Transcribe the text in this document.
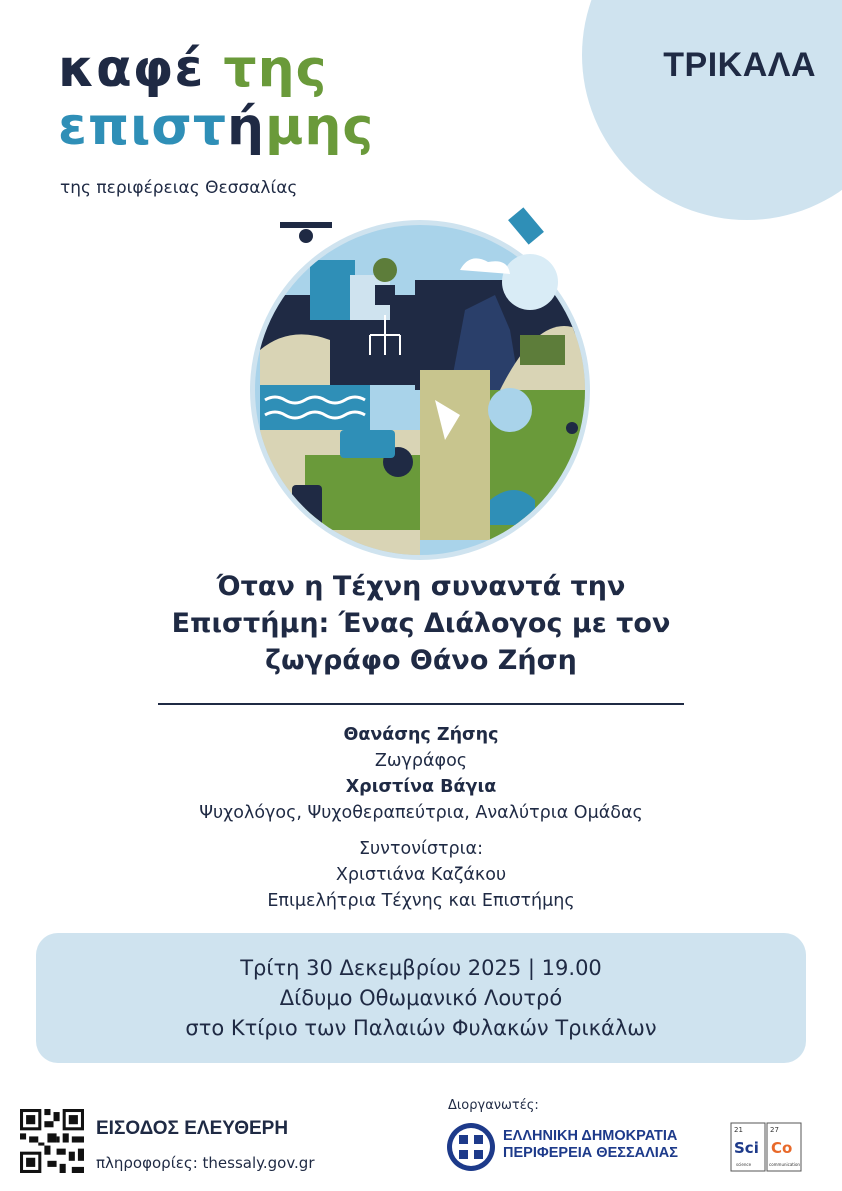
ΤΡΙΚΑΛΑ
καφέ της
επιστήμης
της περιφέρειας Θεσσαλίας
Όταν η Τέχνη συναντά την
Επιστήμη: Ένας Διάλογος με τον
ζωγράφο Θάνο Ζήση
Θανάσης Ζήσης
Ζωγράφος
Χριστίνα Βάγια
Ψυχολόγος, Ψυχοθεραπεύτρια, Αναλύτρια Ομάδας
Συντονίστρια:
Χριστιάνα Καζάκου
Επιμελήτρια Τέχνης και Επιστήμης
Τρίτη 30 Δεκεμβρίου 2025 | 19.00
Δίδυμο Οθωμανικό Λουτρό
στο Κτίριο των Παλαιών Φυλακών Τρικάλων
ΕΙΣΟΔΟΣ ΕΛΕΥΘΕΡΗ
πληροφορίες: thessaly.gov.gr
Διοργανωτές:
ΕΛΛΗΝΙΚΗ ΔΗΜΟΚΡΑΤΙΑ
ΠΕΡΙΦΕΡΕΙΑ ΘΕΣΣΑΛΙΑΣ
21	27
Sci Co
science	communication
